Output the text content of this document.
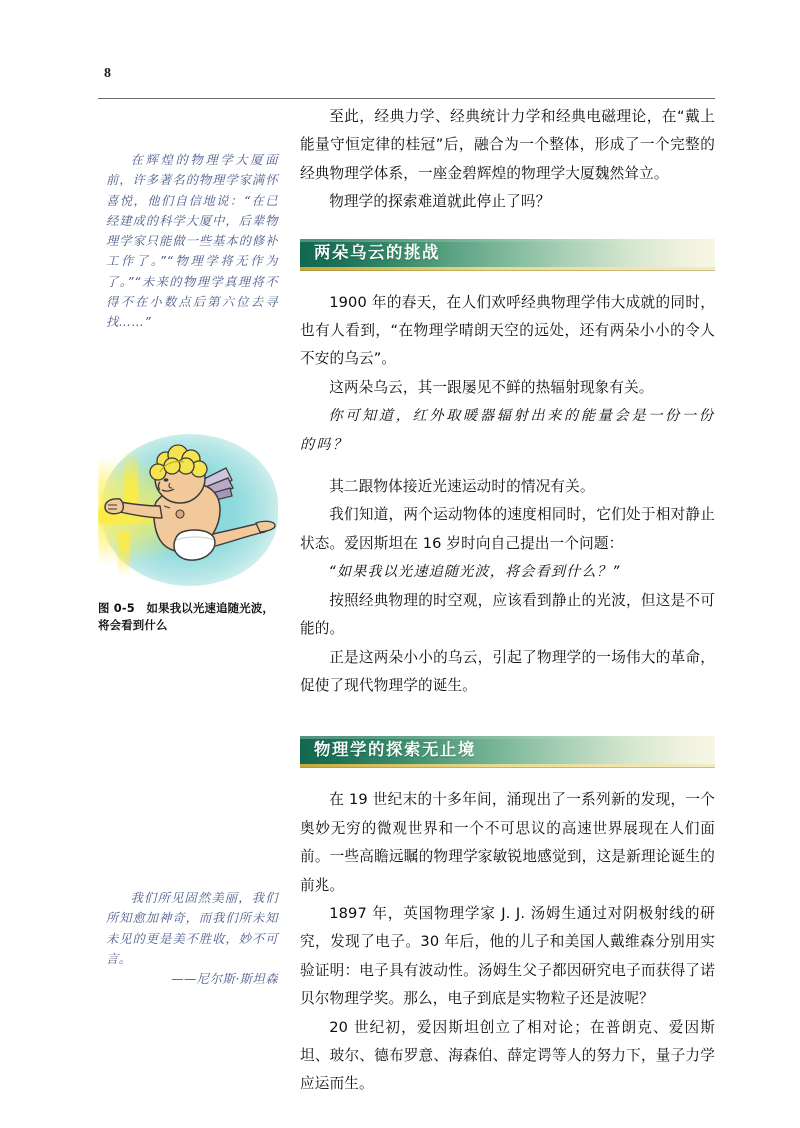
8
在辉煌的物理学大厦面前，许多著名的物理学家满怀喜悦，他们自信地说：“在已经建成的科学大厦中，后辈物理学家只能做一些基本的修补工作了。”“物理学将无作为了。”“未来的物理学真理将不得不在小数点后第六位去寻找……”
图 0-5　如果我以光速追随光波，将会看到什么
我们所见固然美丽，我们所知愈加神奇，而我们所未知未见的更是美不胜收，妙不可言。
——尼尔斯·斯坦森

至此，经典力学、经典统计力学和经典电磁理论，在“戴上能量守恒定律的桂冠”后，融合为一个整体，形成了一个完整的经典物理学体系，一座金碧辉煌的物理学大厦魏然耸立。

物理学的探索难道就此停止了吗？

两朵乌云的挑战

1900 年的春天，在人们欢呼经典物理学伟大成就的同时，也有人看到，“在物理学晴朗天空的远处，还有两朵小小的令人不安的乌云”。

这两朵乌云，其一跟屡见不鲜的热辐射现象有关。

你可知道，红外取暖器辐射出来的能量会是一份一份的吗？

其二跟物体接近光速运动时的情况有关。

我们知道，两个运动物体的速度相同时，它们处于相对静止状态。爱因斯坦在 16 岁时向自己提出一个问题：

“如果我以光速追随光波，将会看到什么？”

按照经典物理的时空观，应该看到静止的光波，但这是不可能的。

正是这两朵小小的乌云，引起了物理学的一场伟大的革命，促使了现代物理学的诞生。

物理学的探索无止境

在 19 世纪末的十多年间，涌现出了一系列新的发现，一个奥妙无穷的微观世界和一个不可思议的高速世界展现在人们面前。一些高瞻远瞩的物理学家敏锐地感觉到，这是新理论诞生的前兆。

1897 年，英国物理学家 J. J. 汤姆生通过对阴极射线的研究，发现了电子。30 年后，他的儿子和美国人戴维森分别用实验证明：电子具有波动性。汤姆生父子都因研究电子而获得了诺贝尔物理学奖。那么，电子到底是实物粒子还是波呢？

20 世纪初，爱因斯坦创立了相对论；在普朗克、爱因斯坦、玻尔、德布罗意、海森伯、薛定谔等人的努力下，量子力学应运而生。
